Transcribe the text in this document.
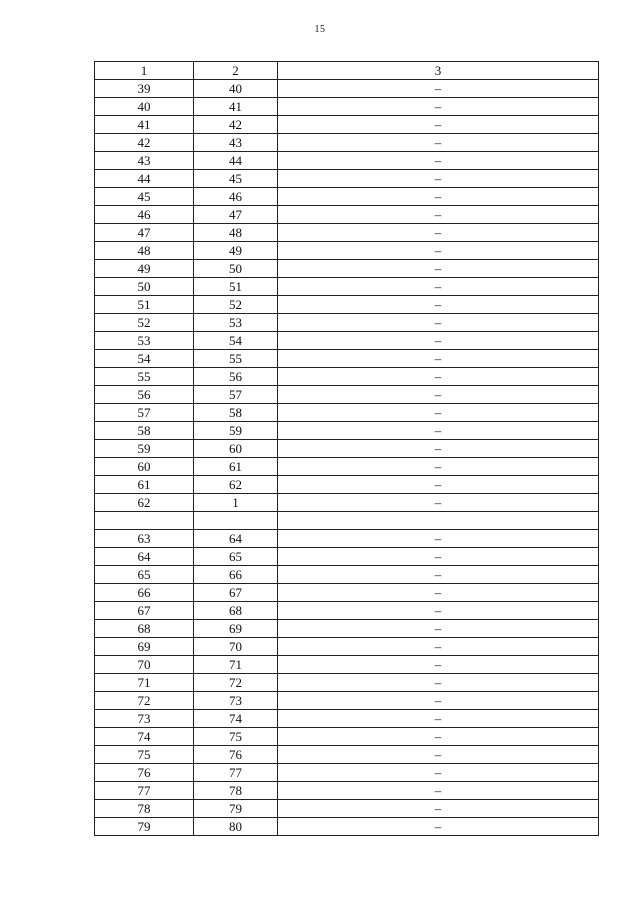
15
1	2	3
39	40	–
40	41	–
41	42	–
42	43	–
43	44	–
44	45	–
45	46	–
46	47	–
47	48	–
48	49	–
49	50	–
50	51	–
51	52	–
52	53	–
53	54	–
54	55	–
55	56	–
56	57	–
57	58	–
58	59	–
59	60	–
60	61	–
61	62	–
62	1	–

63	64	–
64	65	–
65	66	–
66	67	–
67	68	–
68	69	–
69	70	–
70	71	–
71	72	–
72	73	–
73	74	–
74	75	–
75	76	–
76	77	–
77	78	–
78	79	–
79	80	–
